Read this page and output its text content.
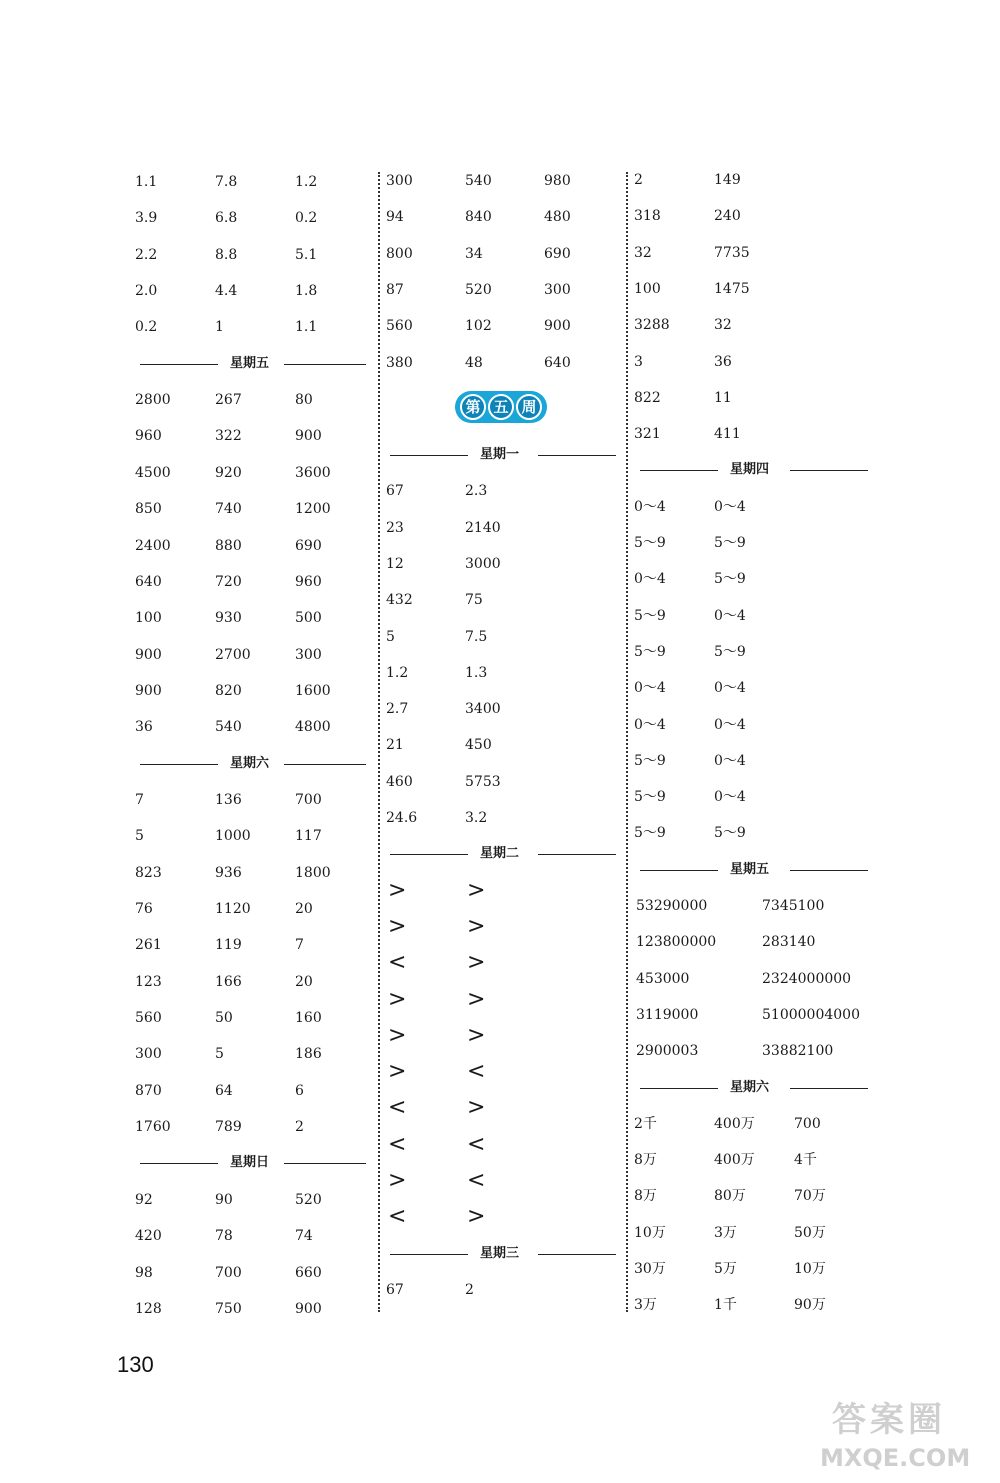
1.1	7.8	1.2
3.9	6.8	0.2
2.2	8.8	5.1
2.0	4.4	1.8
0.2	1	1.1
星期五
2800	267	80
960	322	900
4500	920	3600
850	740	1200
2400	880	690
640	720	960
100	930	500
900	2700	300
900	820	1600
36	540	4800
星期六
7	136	700
5	1000	117
823	936	1800
76	1120	20
261	119	7
123	166	20
560	50	160
300	5	186
870	64	6
1760	789	2
星期日
92	90	520
420	78	74
98	700	660
128	750	900
300	540	980
94	840	480
800	34	690
87	520	300
560	102	900
380	48	640
第 五 周
星期一
67	2.3
23	2140
12	3000
432	75
5	7.5
1.2	1.3
2.7	3400
21	450
460	5753
24.6	3.2
星期二
>	>
>	>
<	>
>	>
>	>
>	<
<	>
<	<
>	<
<	>
星期三
67	2
2	149
318	240
32	7735
100	1475
3288	32
3	36
822	11
321	411
星期四
0～4	0～4
5～9	5～9
0～4	5～9
5～9	0～4
5～9	5～9
0～4	0～4
0～4	0～4
5～9	0～4
5～9	0～4
5～9	5～9
星期五
53290000	7345100
123800000	283140
453000	2324000000
3119000	51000004000
2900003	33882100
星期六
2千	400万	700
8万	400万	4千
8万	80万	70万
10万	3万	50万
30万	5万	10万
3万	1千	90万
130
答案圈
MXQE.COM
